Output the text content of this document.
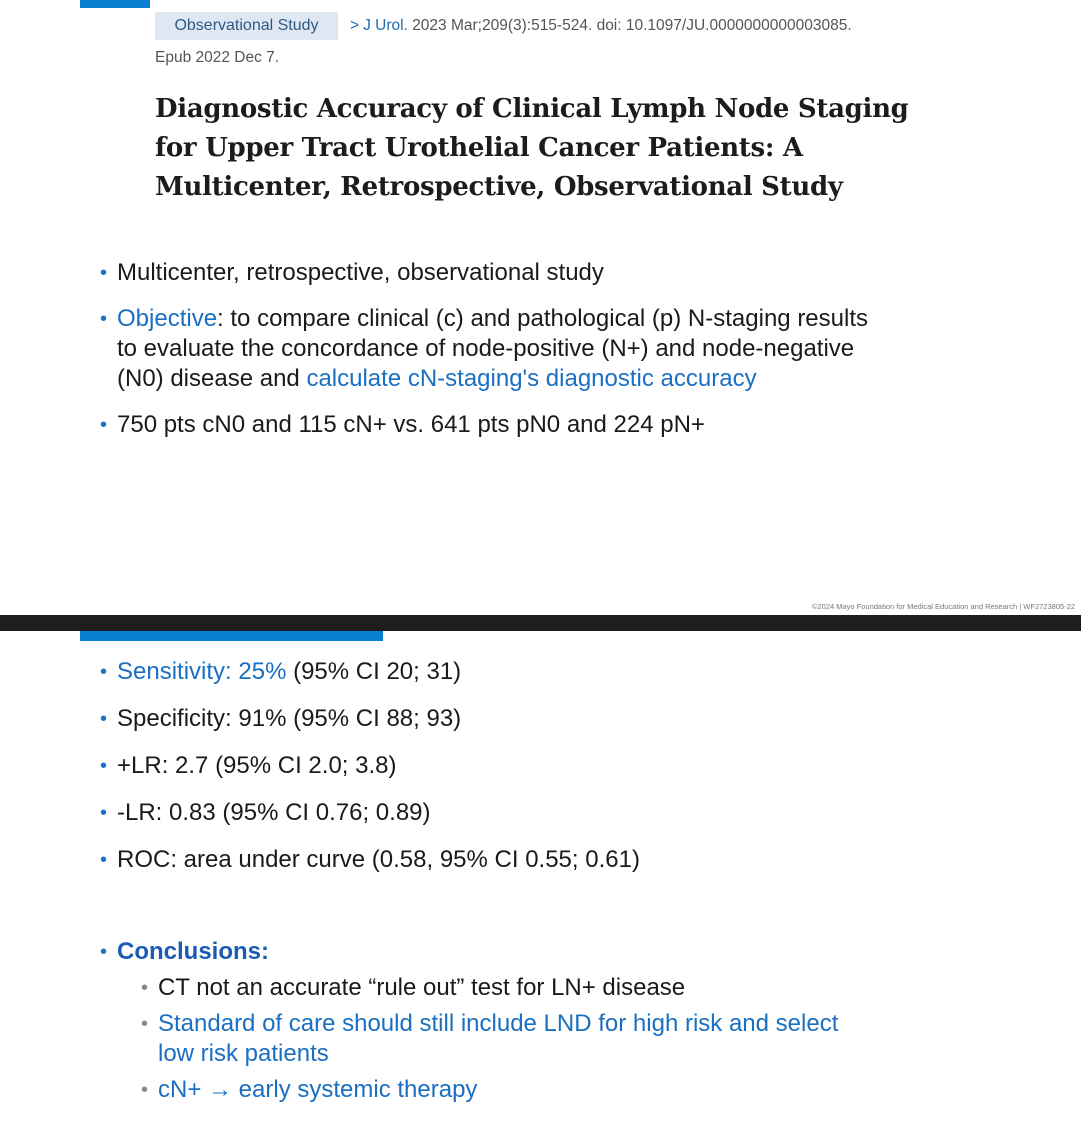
Observational Study	> J Urol. 2023 Mar;209(3):515-524. doi: 10.1097/JU.0000000000003085.
Epub 2022 Dec 7.
Diagnostic Accuracy of Clinical Lymph Node Staging
for Upper Tract Urothelial Cancer Patients: A
Multicenter, Retrospective, Observational Study
• Multicenter, retrospective, observational study
• Objective: to compare clinical (c) and pathological (p) N-staging results
to evaluate the concordance of node-positive (N+) and node-negative
(N0) disease and calculate cN-staging's diagnostic accuracy
• 750 pts cN0 and 115 cN+ vs. 641 pts pN0 and 224 pN+
©2024 Mayo Foundation for Medical Education and Research | WF2723805-22
• Sensitivity: 25% (95% CI 20; 31)
• Specificity: 91% (95% CI 88; 93)
• +LR: 2.7 (95% CI 2.0; 3.8)
• -LR: 0.83 (95% CI 0.76; 0.89)
• ROC: area under curve (0.58, 95% CI 0.55; 0.61)
• Conclusions:
• CT not an accurate “rule out” test for LN+ disease
• Standard of care should still include LND for high risk and select
low risk patients
• cN+ → early systemic therapy
